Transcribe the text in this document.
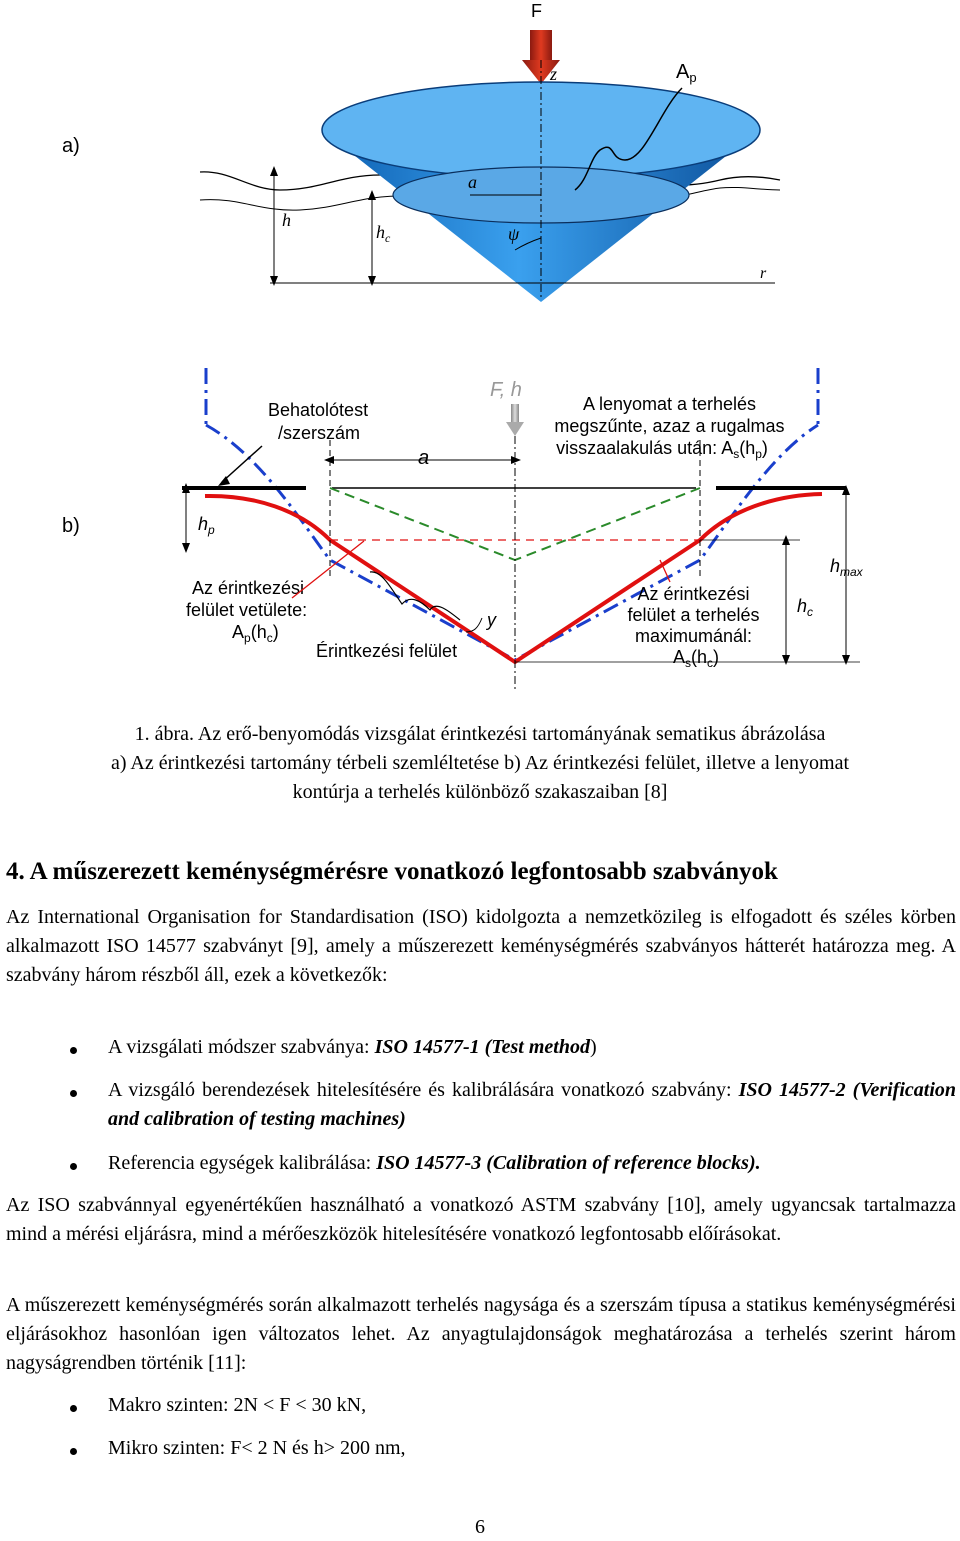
a)
F
z	$A_p$
a
ψ
h
$h_c$
r
b)
a
F, h
Behatolótest /szerszám
A lenyomat a terhelés megszűnte, azaz a rugalmas visszaalakulás után: $A_s(h_p)$
$h_p$
$h_{max}$
$h_c$
Az érintkezési felület vetülete: $A_p(h_c)$
Érintkezési felület
y
Az érintkezési felület a terhelés maximumánál: $A_s(h_c)$
1. ábra. Az erő-benyomódás vizsgálat érintkezési tartományának sematikus ábrázolása
a) Az érintkezési tartomány térbeli szemléltetése b) Az érintkezési felület, illetve a lenyomat
kontúrja a terhelés különböző szakaszaiban [8]
4. A műszerezett keménységmérésre vonatkozó legfontosabb szabványok
Az International Organisation for Standardisation (ISO) kidolgozta a nemzetközileg is elfogadott és széles körben alkalmazott ISO 14577 szabványt [9], amely a műszerezett keménységmérés szabványos hátterét határozza meg. A szabvány három részből áll, ezek a következők:
A vizsgálati módszer szabványa: ISO 14577-1 (Test method)
A vizsgáló berendezések hitelesítésére és kalibrálására vonatkozó szabvány: ISO 14577-2 (Verification and calibration of testing machines)
Referencia egységek kalibrálása: ISO 14577-3 (Calibration of reference blocks).
Az ISO szabvánnyal egyenértékűen használható a vonatkozó ASTM szabvány [10], amely ugyancsak tartalmazza mind a mérési eljárásra, mind a mérőeszközök hitelesítésére vonatkozó legfontosabb előírásokat.
A műszerezett keménységmérés során alkalmazott terhelés nagysága és a szerszám típusa a statikus keménységmérési eljárásokhoz hasonlóan igen változatos lehet. Az anyagtulajdonságok meghatározása a terhelés szerint három nagyságrendben történik [11]:
Makro szinten: 2N < F < 30 kN,
Mikro szinten: F< 2 N és h> 200 nm,
6
